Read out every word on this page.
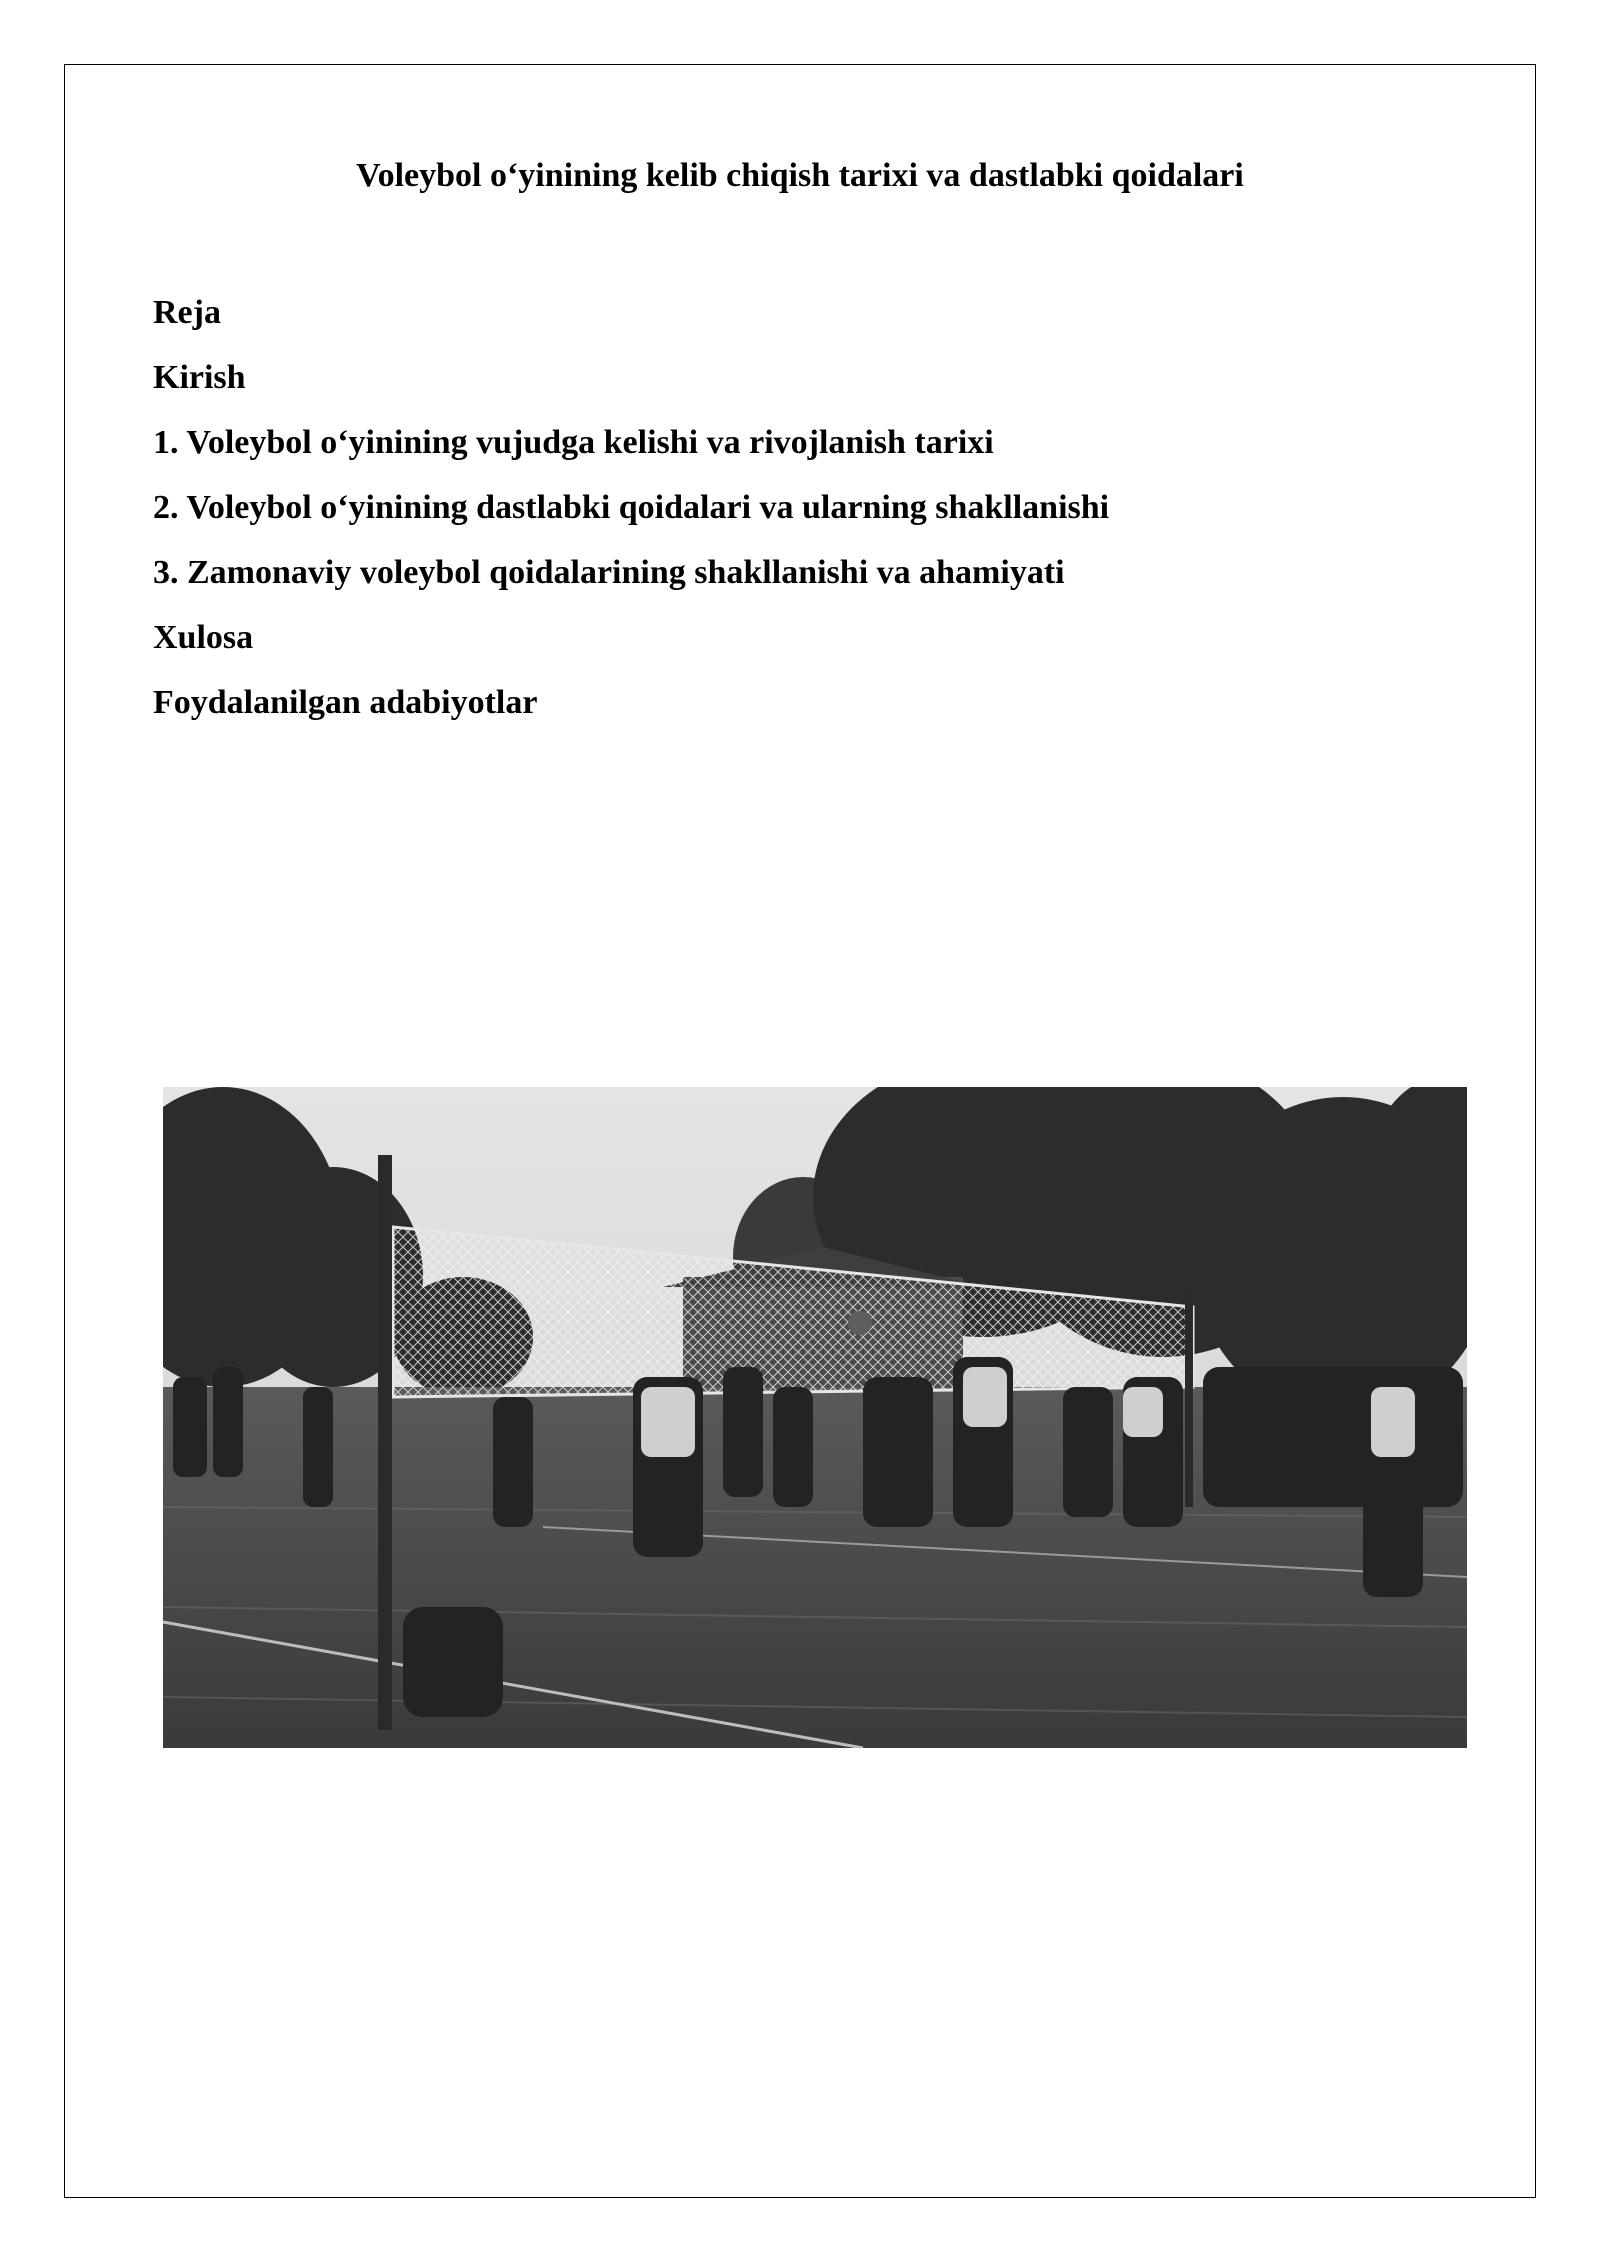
Voleybol o‘yinining kelib chiqish tarixi va dastlabki qoidalari
Reja
Kirish
1. Voleybol o‘yinining vujudga kelishi va rivojlanish tarixi
2. Voleybol o‘yinining dastlabki qoidalari va ularning shakllanishi
3. Zamonaviy voleybol qoidalarining shakllanishi va ahamiyati
Xulosa
Foydalanilgan adabiyotlar
